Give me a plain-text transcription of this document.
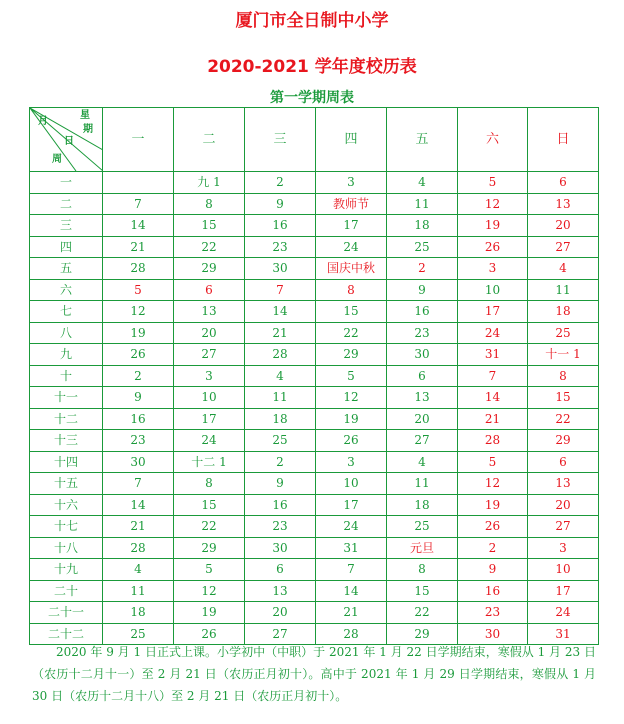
厦门市全日制中小学
2020-2021 学年度校历表
第一学期周表
月
星
期
日
周	一	二	三	四	五	六	日
一		九 1	2	3	4	5	6
二	7	8	9	教师节	11	12	13
三	14	15	16	17	18	19	20
四	21	22	23	24	25	26	27
五	28	29	30	国庆中秋	2	3	4
六	5	6	7	8	9	10	11
七	12	13	14	15	16	17	18
八	19	20	21	22	23	24	25
九	26	27	28	29	30	31	十一 1
十	2	3	4	5	6	7	8
十一	9	10	11	12	13	14	15
十二	16	17	18	19	20	21	22
十三	23	24	25	26	27	28	29
十四	30	十二 1	2	3	4	5	6
十五	7	8	9	10	11	12	13
十六	14	15	16	17	18	19	20
十七	21	22	23	24	25	26	27
十八	28	29	30	31	元旦	2	3
十九	4	5	6	7	8	9	10
二十	11	12	13	14	15	16	17
二十一	18	19	20	21	22	23	24
二十二	25	26	27	28	29	30	31
2020 年 9 月 1 日正式上课。小学初中（中职）于 2021 年 1 月 22 日学期结束，寒假从 1 月 23 日（农历十二月十一）至 2 月 21 日（农历正月初十）。高中于 2021 年 1 月 29 日学期结束，寒假从 1 月 30 日（农历十二月十八）至 2 月 21 日（农历正月初十）。
